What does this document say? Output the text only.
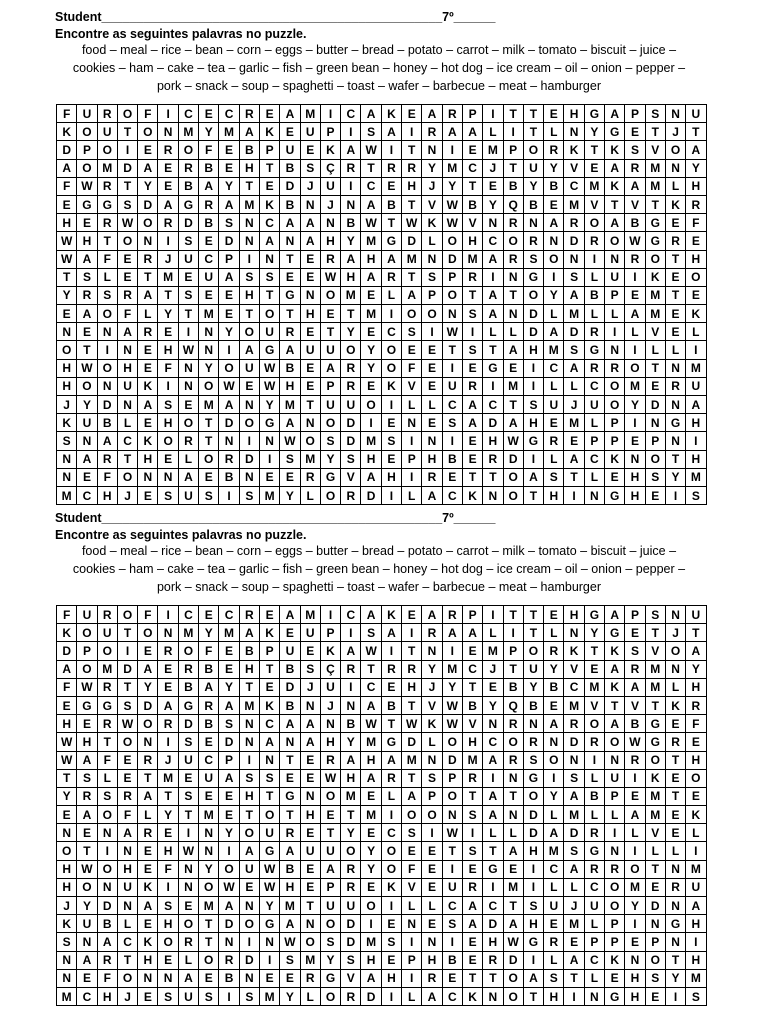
Student_________________________________________________7º______
Encontre as seguintes palavras no puzzle.
food – meal – rice – bean – corn – eggs – butter – bread – potato – carrot – milk – tomato – biscuit – juice –
cookies – ham – cake – tea – garlic – fish – green bean – honey – hot dog – ice cream – oil – onion – pepper –
pork – snack – soup – spaghetti – toast – wafer – barbecue – meat – hamburger
F	U	R	O	F	I	C	E	C	R	E	A	M	I	C	A	K	E	A	R	P	I	T	T	E	H	G	A	P	S	N	U
K	O	U	T	O	N	M	Y	M	A	K	E	U	P	I	S	A	I	R	A	A	L	I	T	L	N	Y	G	E	T	J	T
D	P	O	I	E	R	O	F	E	B	P	U	E	K	A	W	I	T	N	I	E	M	P	O	R	K	T	K	S	V	O	A
A	O	M	D	A	E	R	B	E	H	T	B	S	Ç	R	T	R	R	Y	M	C	J	T	U	Y	V	E	A	R	M	N	Y
F	W	R	T	Y	E	B	A	Y	T	E	D	J	U	I	C	E	H	J	Y	T	E	B	Y	B	C	M	K	A	M	L	H
E	G	G	S	D	A	G	R	A	M	K	B	N	J	N	A	B	T	V	W	B	Y	Q	B	E	M	V	T	V	T	K	R
H	E	R	W	O	R	D	B	S	N	C	A	A	N	B	W	T	W	K	W	V	N	R	N	A	R	O	A	B	G	E	F
W	H	T	O	N	I	S	E	D	N	A	N	A	H	Y	M	G	D	L	O	H	C	O	R	N	D	R	O	W	G	R	E
W	A	F	E	R	J	U	C	P	I	N	T	E	R	A	H	A	M	N	D	M	A	R	S	O	N	I	N	R	O	T	H
T	S	L	E	T	M	E	U	A	S	S	E	E	W	H	A	R	T	S	P	R	I	N	G	I	S	L	U	I	K	E	O
Y	R	S	R	A	T	S	E	E	H	T	G	N	O	M	E	L	A	P	O	T	A	T	O	Y	A	B	P	E	M	T	E
E	A	O	F	L	Y	T	M	E	T	O	T	H	E	T	M	I	O	O	N	S	A	N	D	L	M	L	L	A	M	E	K
N	E	N	A	R	E	I	N	Y	O	U	R	E	T	Y	E	C	S	I	W	I	L	L	D	A	D	R	I	L	V	E	L
O	T	I	N	E	H	W	N	I	A	G	A	U	U	O	Y	O	E	E	T	S	T	A	H	M	S	G	N	I	L	L	I
H	W	O	H	E	F	N	Y	O	U	W	B	E	A	R	Y	O	F	E	I	E	G	E	I	C	A	R	R	O	T	N	M
H	O	N	U	K	I	N	O	W	E	W	H	E	P	R	E	K	V	E	U	R	I	M	I	L	L	C	O	M	E	R	U
J	Y	D	N	A	S	E	M	A	N	Y	M	T	U	U	O	I	L	L	C	A	C	T	S	U	J	U	O	Y	D	N	A
K	U	B	L	E	H	O	T	D	O	G	A	N	O	D	I	E	N	E	S	A	D	A	H	E	M	L	P	I	N	G	H
S	N	A	C	K	O	R	T	N	I	N	W	O	S	D	M	S	I	N	I	E	H	W	G	R	E	P	P	E	P	N	I
N	A	R	T	H	E	L	O	R	D	I	S	M	Y	S	H	E	P	H	B	E	R	D	I	L	A	C	K	N	O	T	H
N	E	F	O	N	N	A	E	B	N	E	E	R	G	V	A	H	I	R	E	T	T	O	A	S	T	L	E	H	S	Y	M
M	C	H	J	E	S	U	S	I	S	M	Y	L	O	R	D	I	L	A	C	K	N	O	T	H	I	N	G	H	E	I	S
Student_________________________________________________7º______
Encontre as seguintes palavras no puzzle.
food – meal – rice – bean – corn – eggs – butter – bread – potato – carrot – milk – tomato – biscuit – juice –
cookies – ham – cake – tea – garlic – fish – green bean – honey – hot dog – ice cream – oil – onion – pepper –
pork – snack – soup – spaghetti – toast – wafer – barbecue – meat – hamburger
F	U	R	O	F	I	C	E	C	R	E	A	M	I	C	A	K	E	A	R	P	I	T	T	E	H	G	A	P	S	N	U
K	O	U	T	O	N	M	Y	M	A	K	E	U	P	I	S	A	I	R	A	A	L	I	T	L	N	Y	G	E	T	J	T
D	P	O	I	E	R	O	F	E	B	P	U	E	K	A	W	I	T	N	I	E	M	P	O	R	K	T	K	S	V	O	A
A	O	M	D	A	E	R	B	E	H	T	B	S	Ç	R	T	R	R	Y	M	C	J	T	U	Y	V	E	A	R	M	N	Y
F	W	R	T	Y	E	B	A	Y	T	E	D	J	U	I	C	E	H	J	Y	T	E	B	Y	B	C	M	K	A	M	L	H
E	G	G	S	D	A	G	R	A	M	K	B	N	J	N	A	B	T	V	W	B	Y	Q	B	E	M	V	T	V	T	K	R
H	E	R	W	O	R	D	B	S	N	C	A	A	N	B	W	T	W	K	W	V	N	R	N	A	R	O	A	B	G	E	F
W	H	T	O	N	I	S	E	D	N	A	N	A	H	Y	M	G	D	L	O	H	C	O	R	N	D	R	O	W	G	R	E
W	A	F	E	R	J	U	C	P	I	N	T	E	R	A	H	A	M	N	D	M	A	R	S	O	N	I	N	R	O	T	H
T	S	L	E	T	M	E	U	A	S	S	E	E	W	H	A	R	T	S	P	R	I	N	G	I	S	L	U	I	K	E	O
Y	R	S	R	A	T	S	E	E	H	T	G	N	O	M	E	L	A	P	O	T	A	T	O	Y	A	B	P	E	M	T	E
E	A	O	F	L	Y	T	M	E	T	O	T	H	E	T	M	I	O	O	N	S	A	N	D	L	M	L	L	A	M	E	K
N	E	N	A	R	E	I	N	Y	O	U	R	E	T	Y	E	C	S	I	W	I	L	L	D	A	D	R	I	L	V	E	L
O	T	I	N	E	H	W	N	I	A	G	A	U	U	O	Y	O	E	E	T	S	T	A	H	M	S	G	N	I	L	L	I
H	W	O	H	E	F	N	Y	O	U	W	B	E	A	R	Y	O	F	E	I	E	G	E	I	C	A	R	R	O	T	N	M
H	O	N	U	K	I	N	O	W	E	W	H	E	P	R	E	K	V	E	U	R	I	M	I	L	L	C	O	M	E	R	U
J	Y	D	N	A	S	E	M	A	N	Y	M	T	U	U	O	I	L	L	C	A	C	T	S	U	J	U	O	Y	D	N	A
K	U	B	L	E	H	O	T	D	O	G	A	N	O	D	I	E	N	E	S	A	D	A	H	E	M	L	P	I	N	G	H
S	N	A	C	K	O	R	T	N	I	N	W	O	S	D	M	S	I	N	I	E	H	W	G	R	E	P	P	E	P	N	I
N	A	R	T	H	E	L	O	R	D	I	S	M	Y	S	H	E	P	H	B	E	R	D	I	L	A	C	K	N	O	T	H
N	E	F	O	N	N	A	E	B	N	E	E	R	G	V	A	H	I	R	E	T	T	O	A	S	T	L	E	H	S	Y	M
M	C	H	J	E	S	U	S	I	S	M	Y	L	O	R	D	I	L	A	C	K	N	O	T	H	I	N	G	H	E	I	S
